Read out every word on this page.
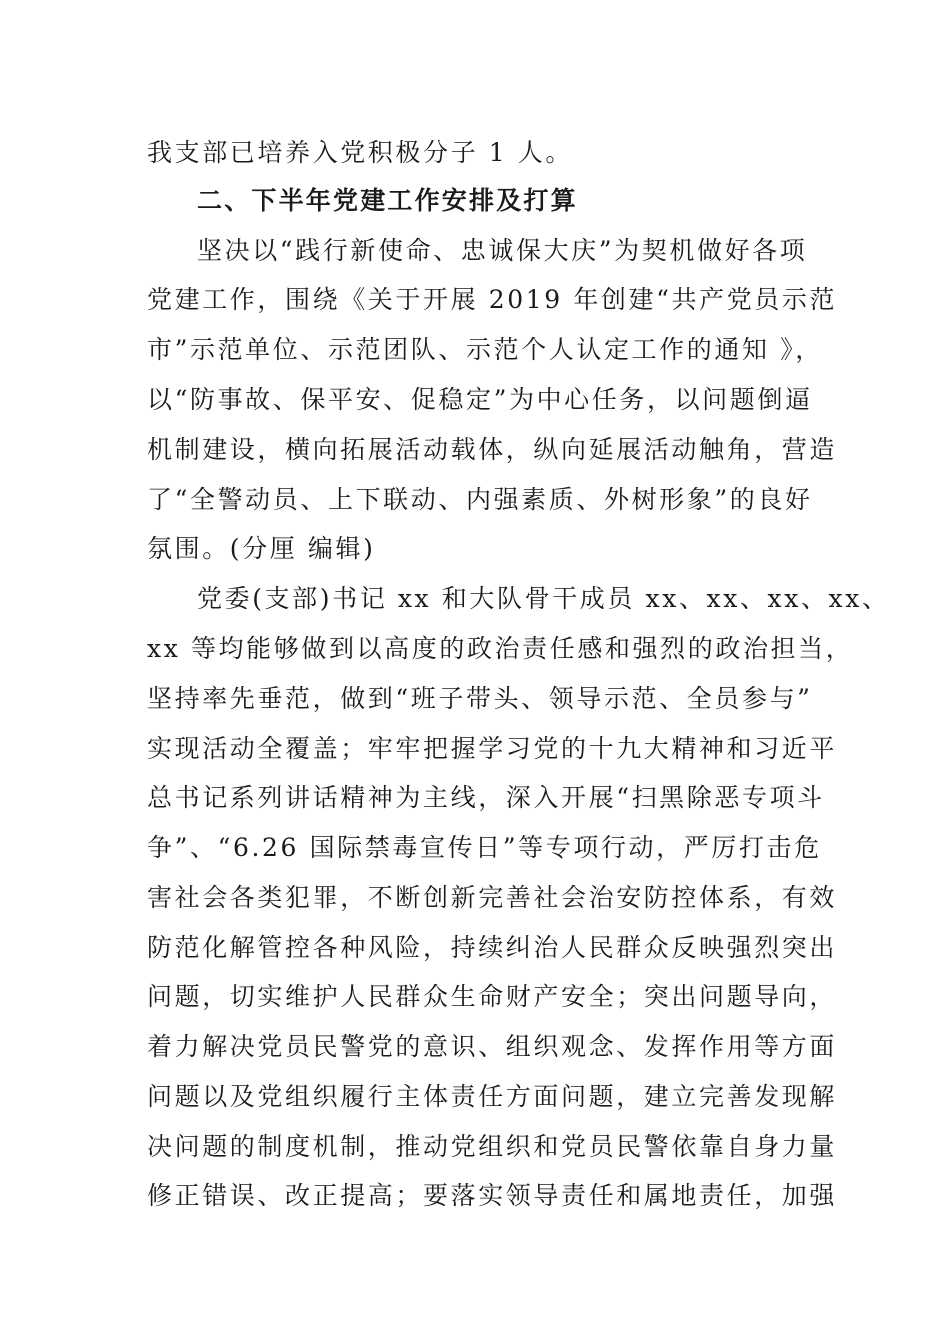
我支部已培养入党积极分子 1 人。
二、下半年党建工作安排及打算
坚决以“践行新使命、忠诚保大庆”为契机做好各项
党建工作，围绕《关于开展 2019 年创建“共产党员示范
市”示范单位、示范团队、示范个人认定工作的通知 》，
以“防事故、保平安、促稳定”为中心任务，以问题倒逼
机制建设，横向拓展活动载体，纵向延展活动触角，营造
了“全警动员、上下联动、内强素质、外树形象”的良好
氛围。(分厘 编辑)
党委(支部)书记 xx 和大队骨干成员 xx、xx、xx、xx、
xx 等均能够做到以高度的政治责任感和强烈的政治担当，
坚持率先垂范，做到“班子带头、领导示范、全员参与”
实现活动全覆盖；牢牢把握学习党的十九大精神和习近平
总书记系列讲话精神为主线，深入开展“扫黑除恶专项斗
争”、“6.26 国际禁毒宣传日”等专项行动，严厉打击危
害社会各类犯罪，不断创新完善社会治安防控体系，有效
防范化解管控各种风险，持续纠治人民群众反映强烈突出
问题，切实维护人民群众生命财产安全；突出问题导向，
着力解决党员民警党的意识、组织观念、发挥作用等方面
问题以及党组织履行主体责任方面问题，建立完善发现解
决问题的制度机制，推动党组织和党员民警依靠自身力量
修正错误、改正提高；要落实领导责任和属地责任，加强
